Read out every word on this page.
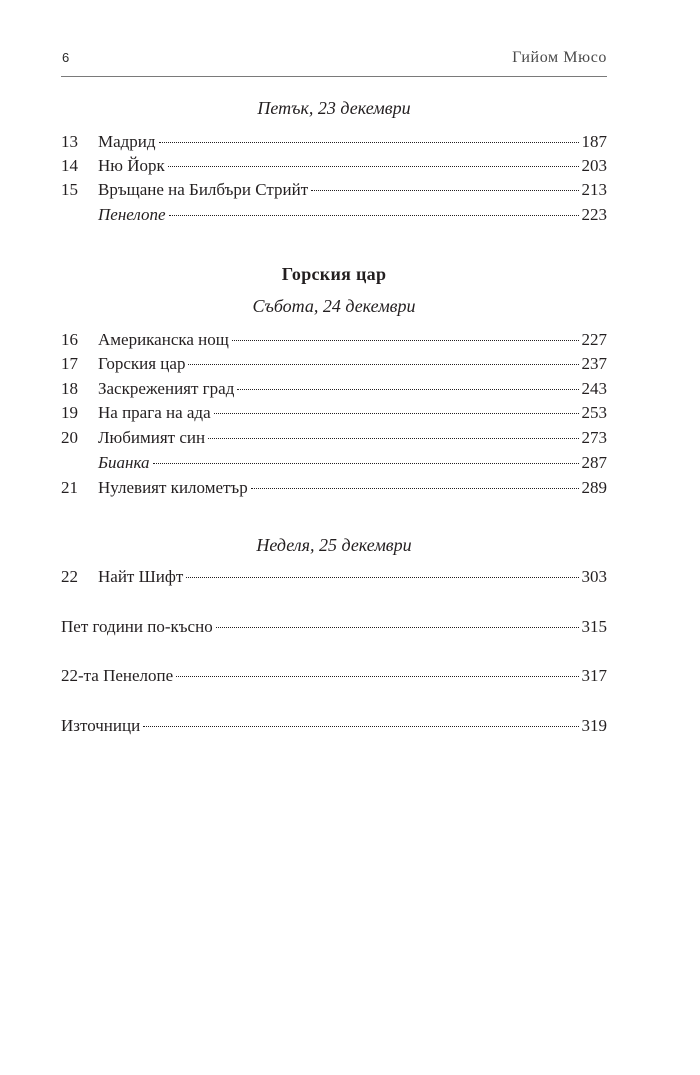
6	Гийом Мюсо
Петък, 23 декември
13	Мадрид	187
14	Ню Йорк	203
15	Връщане на Билбъри Стрийт	213
Пенелопе	223
Горския цар
Събота, 24 декември
16	Американска нощ	227
17	Горския цар	237
18	Заскреженият град	243
19	На прага на ада	253
20	Любимият син	273
Бианка	287
21	Нулевият километър	289
Неделя, 25 декември
22	Найт Шифт	303
Пет години по-късно	315
22-та Пенелопе	317
Източници	319
